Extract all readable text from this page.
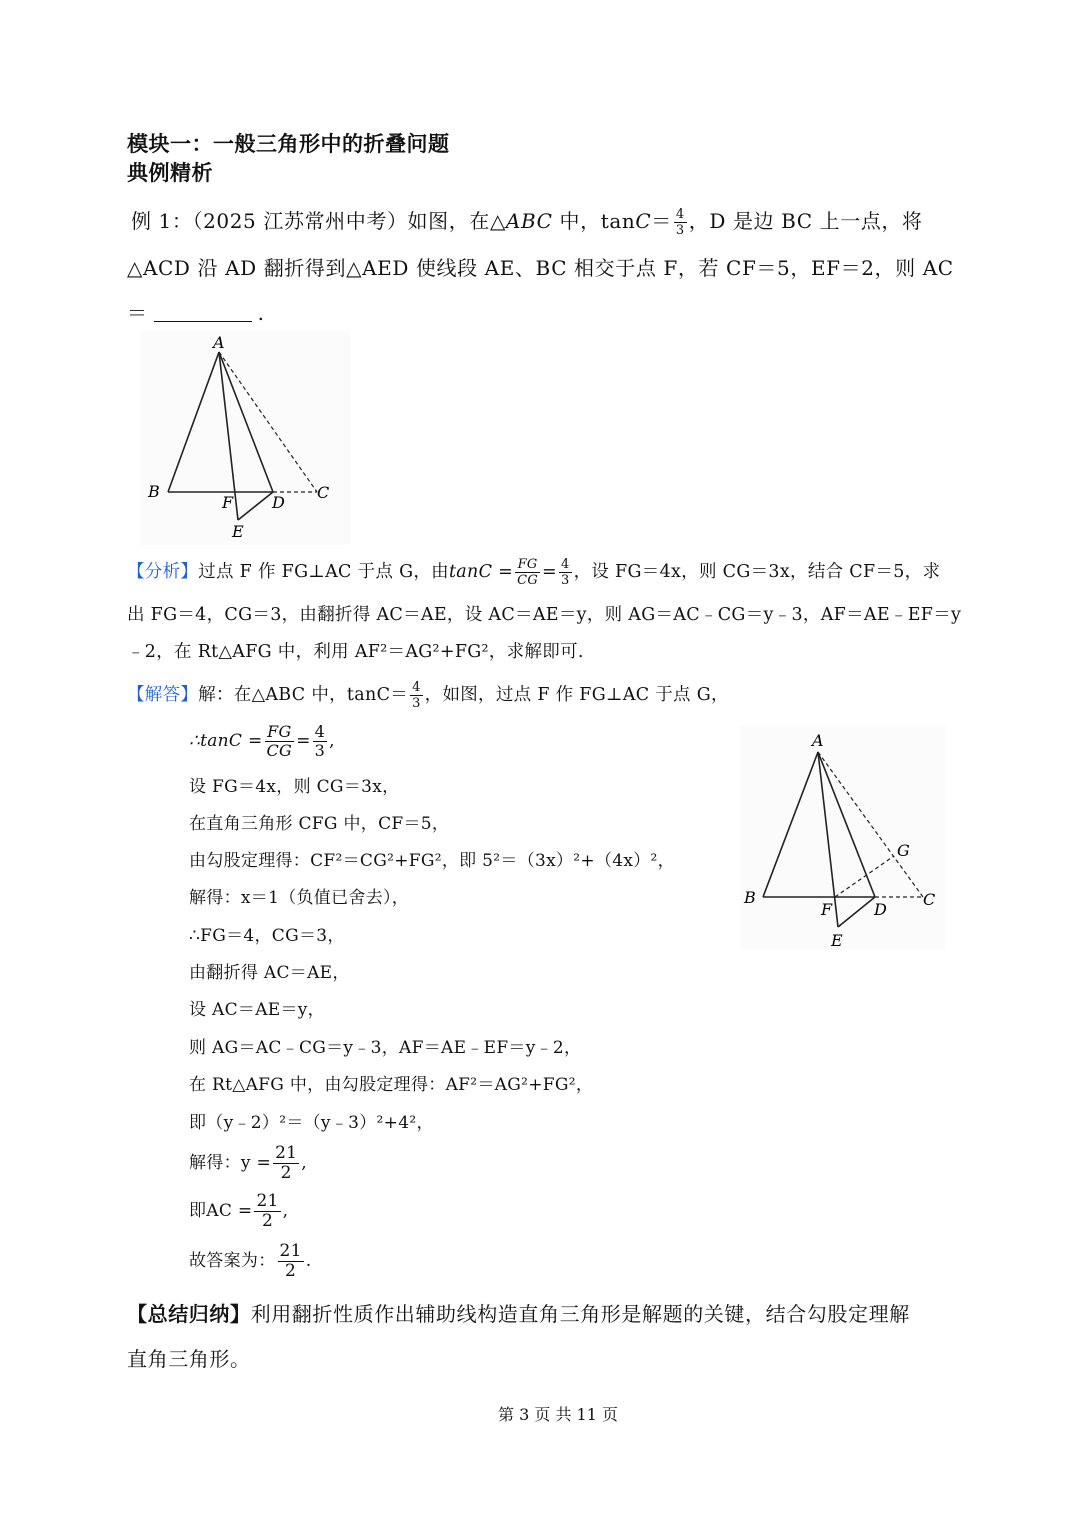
模块一：一般三角形中的折叠问题
典例精析
例 1：（2025 江苏常州中考）如图，在△ABC 中，$\tan C= \frac{4}{3}$ ，D 是边 BC 上一点，将
△ACD 沿 AD 翻折得到△AED 使线段 AE、BC 相交于点 F，若 CF＝5，EF＝2，则 AC
＝	.
A
B
F D
C
E
【分析】过点 F 作 FG⊥AC 于点 G，由$\tan C = \frac{FG}{CG} = \frac{4}{3}$ ，设 FG＝4x，则 CG＝3x，结合 CF＝5，求
出 FG＝4，CG＝3，由翻折得 AC＝AE，设 AC＝AE＝y，则 AG＝AC﹣CG＝y﹣3，AF＝AE﹣EF＝y
﹣2，在 Rt△AFG 中，利用 AF²＝AG²+FG²，求解即可.
【解答】解：在△ABC 中，$\tan C= \frac{4}{3}$ ，如图，过点 F 作 FG⊥AC 于点 G，
∴tanC = $\frac{FG}{CG} = \frac{4}{3}$ ,
设 FG＝4x，则 CG＝3x，
在直角三角形 CFG 中，CF＝5，
由勾股定理得：CF²＝CG²+FG²，即 5²＝（3x）²+（4x）²，
解得：x＝1（负值已舍去），
∴FG＝4，CG＝3，
由翻折得 AC＝AE，
设 AC＝AE＝y，
则 AG＝AC﹣CG＝y﹣3，AF＝AE﹣EF＝y﹣2，
在 Rt△AFG 中，由勾股定理得：AF²＝AG²+FG²，
即（y﹣2）²＝（y﹣3）²+4²，
解得：$y = \frac{21}{2}$ ,
即AC = $\frac{21}{2}$ ,
故答案为： $\frac{21}{2}$ .
A
B
F	D
C
G
E
【总结归纳】利用翻折性质作出辅助线构造直角三角形是解题的关键，结合勾股定理解
直角三角形。
第 3 页 共 11 页
